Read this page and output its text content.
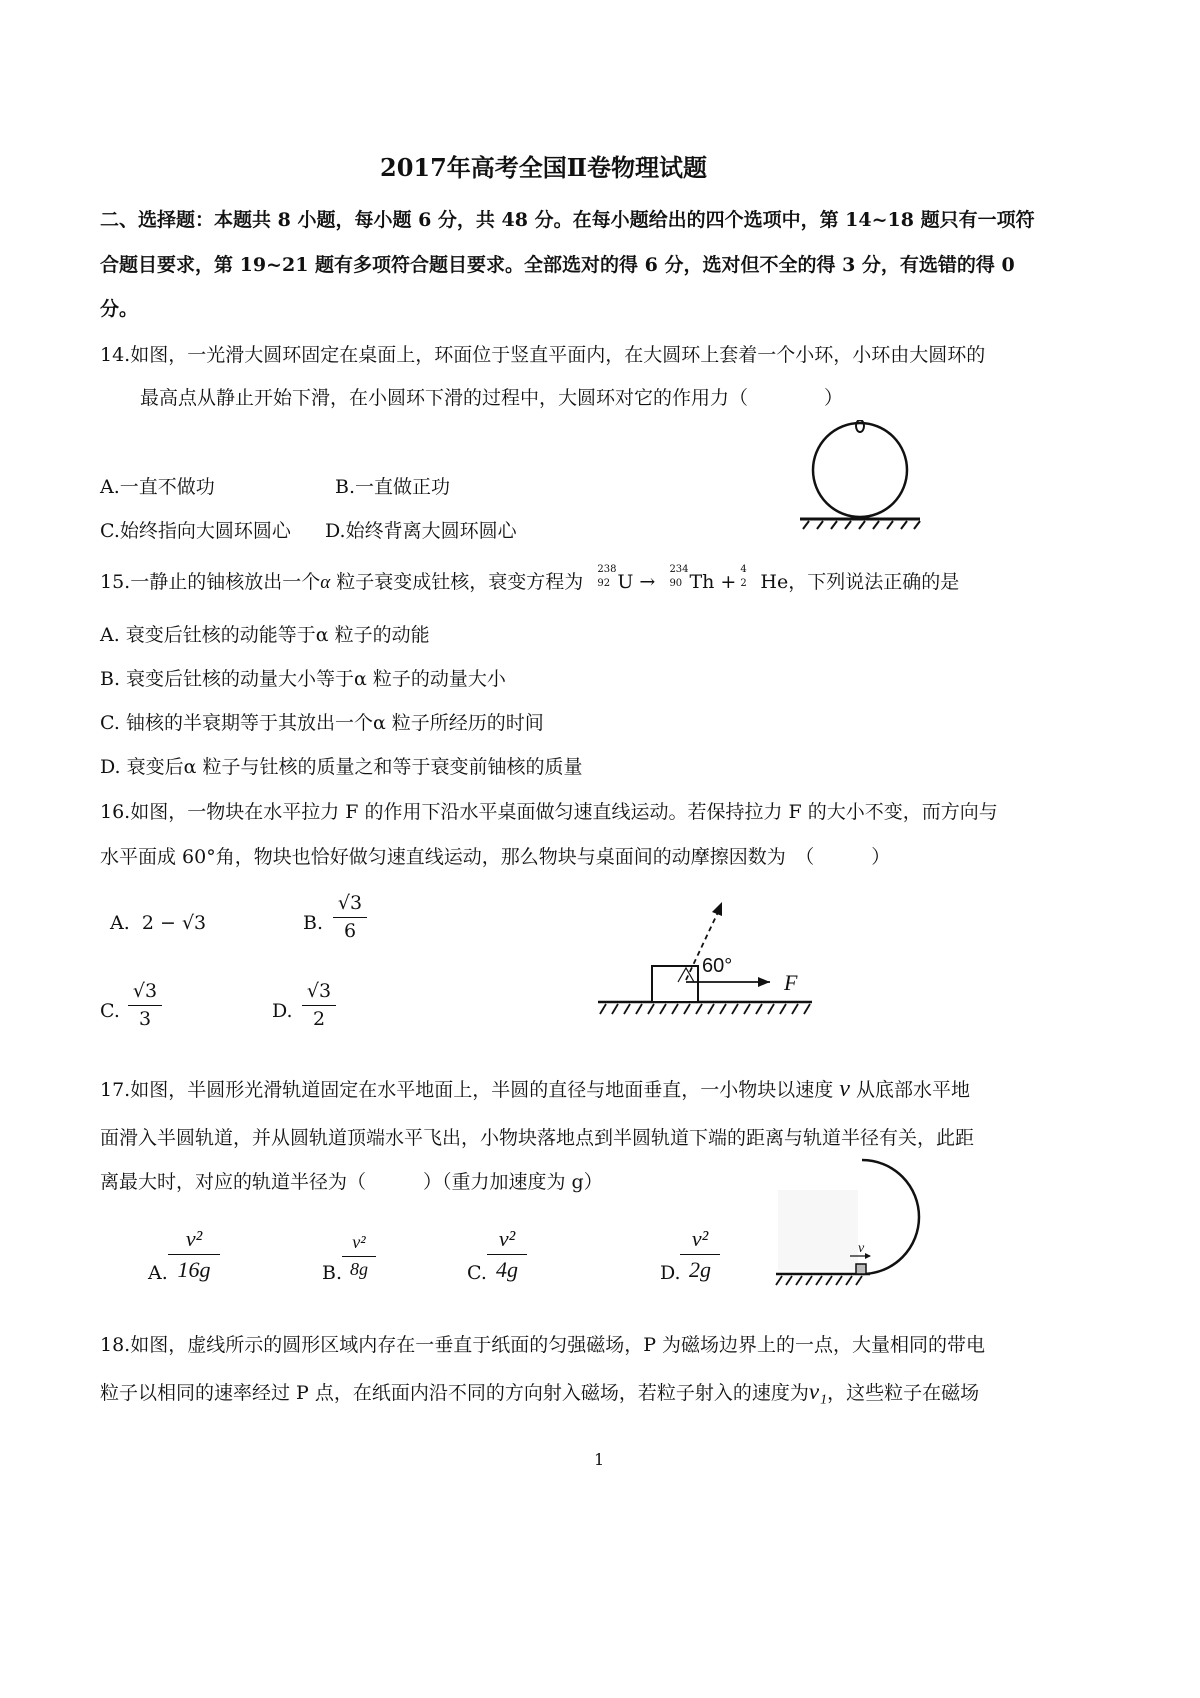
2017年高考全国Ⅱ卷物理试题
二、选择题：本题共 8 小题，每小题 6 分，共 48 分。在每小题给出的四个选项中，第 14~18 题只有一项符
合题目要求，第 19~21 题有多项符合题目要求。全部选对的得 6 分，选对但不全的得 3 分，有选错的得 0
分。
14.如图，一光滑大圆环固定在桌面上，环面位于竖直平面内，在大圆环上套着一个小环，小环由大圆环的
最高点从静止开始下滑，在小圆环下滑的过程中，大圆环对它的作用力（　　　　）
A.一直不做功	B.一直做正功
C.始终指向大圆环圆心 D.始终背离大圆环圆心
15.一静止的铀核放出一个α 粒子衰变成钍核，衰变方程为
238
92 U →
234
90 Th +
4
2 He，下列说法正确的是
A. 衰变后钍核的动能等于α 粒子的动能
B. 衰变后钍核的动量大小等于α 粒子的动量大小
C. 铀核的半衰期等于其放出一个α 粒子所经历的时间
D. 衰变后α 粒子与钍核的质量之和等于衰变前铀核的质量
16.如图，一物块在水平拉力 F 的作用下沿水平桌面做匀速直线运动。若保持拉力 F 的大小不变，而方向与
水平面成 60°角，物块也恰好做匀速直线运动，那么物块与桌面间的动摩擦因数为　（　　　）
A. 2 − √3	B.
√3
6
C.
√3
3	D.
√3
2
60°
F
17.如图，半圆形光滑轨道固定在水平地面上，半圆的直径与地面垂直，一小物块以速度 v 从底部水平地
面滑入半圆轨道，并从圆轨道顶端水平飞出，小物块落地点到半圆轨道下端的距离与轨道半径有关，此距
离最大时，对应的轨道半径为（　　　）（重力加速度为 g）
A.
v²
16g	B.
v²
8g	C.
v²
4g	D.
v²
2g
v
18.如图，虚线所示的圆形区域内存在一垂直于纸面的匀强磁场，P 为磁场边界上的一点，大量相同的带电
粒子以相同的速率经过 P 点，在纸面内沿不同的方向射入磁场，若粒子射入的速度为v₁，这些粒子在磁场
1
